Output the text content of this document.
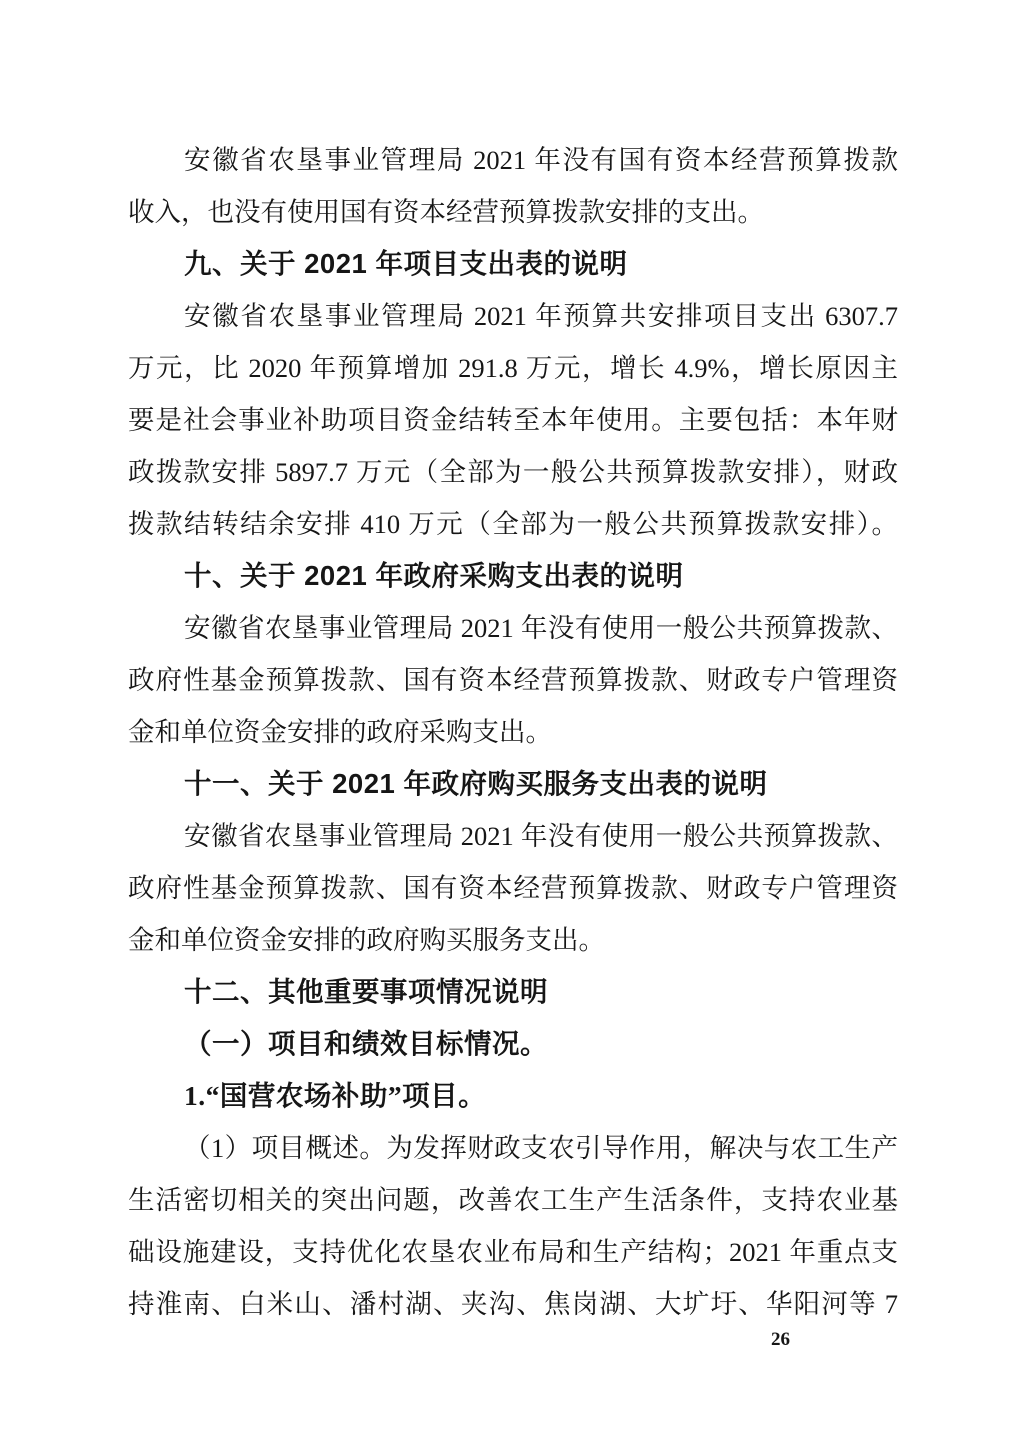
安徽省农垦事业管理局 2021 年没有国有资本经营预算拨款
收入，也没有使用国有资本经营预算拨款安排的支出。
九、关于 2021 年项目支出表的说明
安徽省农垦事业管理局 2021 年预算共安排项目支出 6307.7
万元，比 2020 年预算增加 291.8 万元，增长 4.9%，增长原因主
要是社会事业补助项目资金结转至本年使用。主要包括：本年财
政拨款安排 5897.7 万元（全部为一般公共预算拨款安排），财政
拨款结转结余安排 410 万元（全部为一般公共预算拨款安排）。
十、关于 2021 年政府采购支出表的说明
安徽省农垦事业管理局 2021 年没有使用一般公共预算拨款、
政府性基金预算拨款、国有资本经营预算拨款、财政专户管理资
金和单位资金安排的政府采购支出。
十一、关于 2021 年政府购买服务支出表的说明
安徽省农垦事业管理局 2021 年没有使用一般公共预算拨款、
政府性基金预算拨款、国有资本经营预算拨款、财政专户管理资
金和单位资金安排的政府购买服务支出。
十二、其他重要事项情况说明
（一）项目和绩效目标情况。
1.“国营农场补助”项目。
（1）项目概述。为发挥财政支农引导作用，解决与农工生产
生活密切相关的突出问题，改善农工生产生活条件，支持农业基
础设施建设，支持优化农垦农业布局和生产结构；2021 年重点支
持淮南、白米山、潘村湖、夹沟、焦岗湖、大圹圩、华阳河等 7
26
